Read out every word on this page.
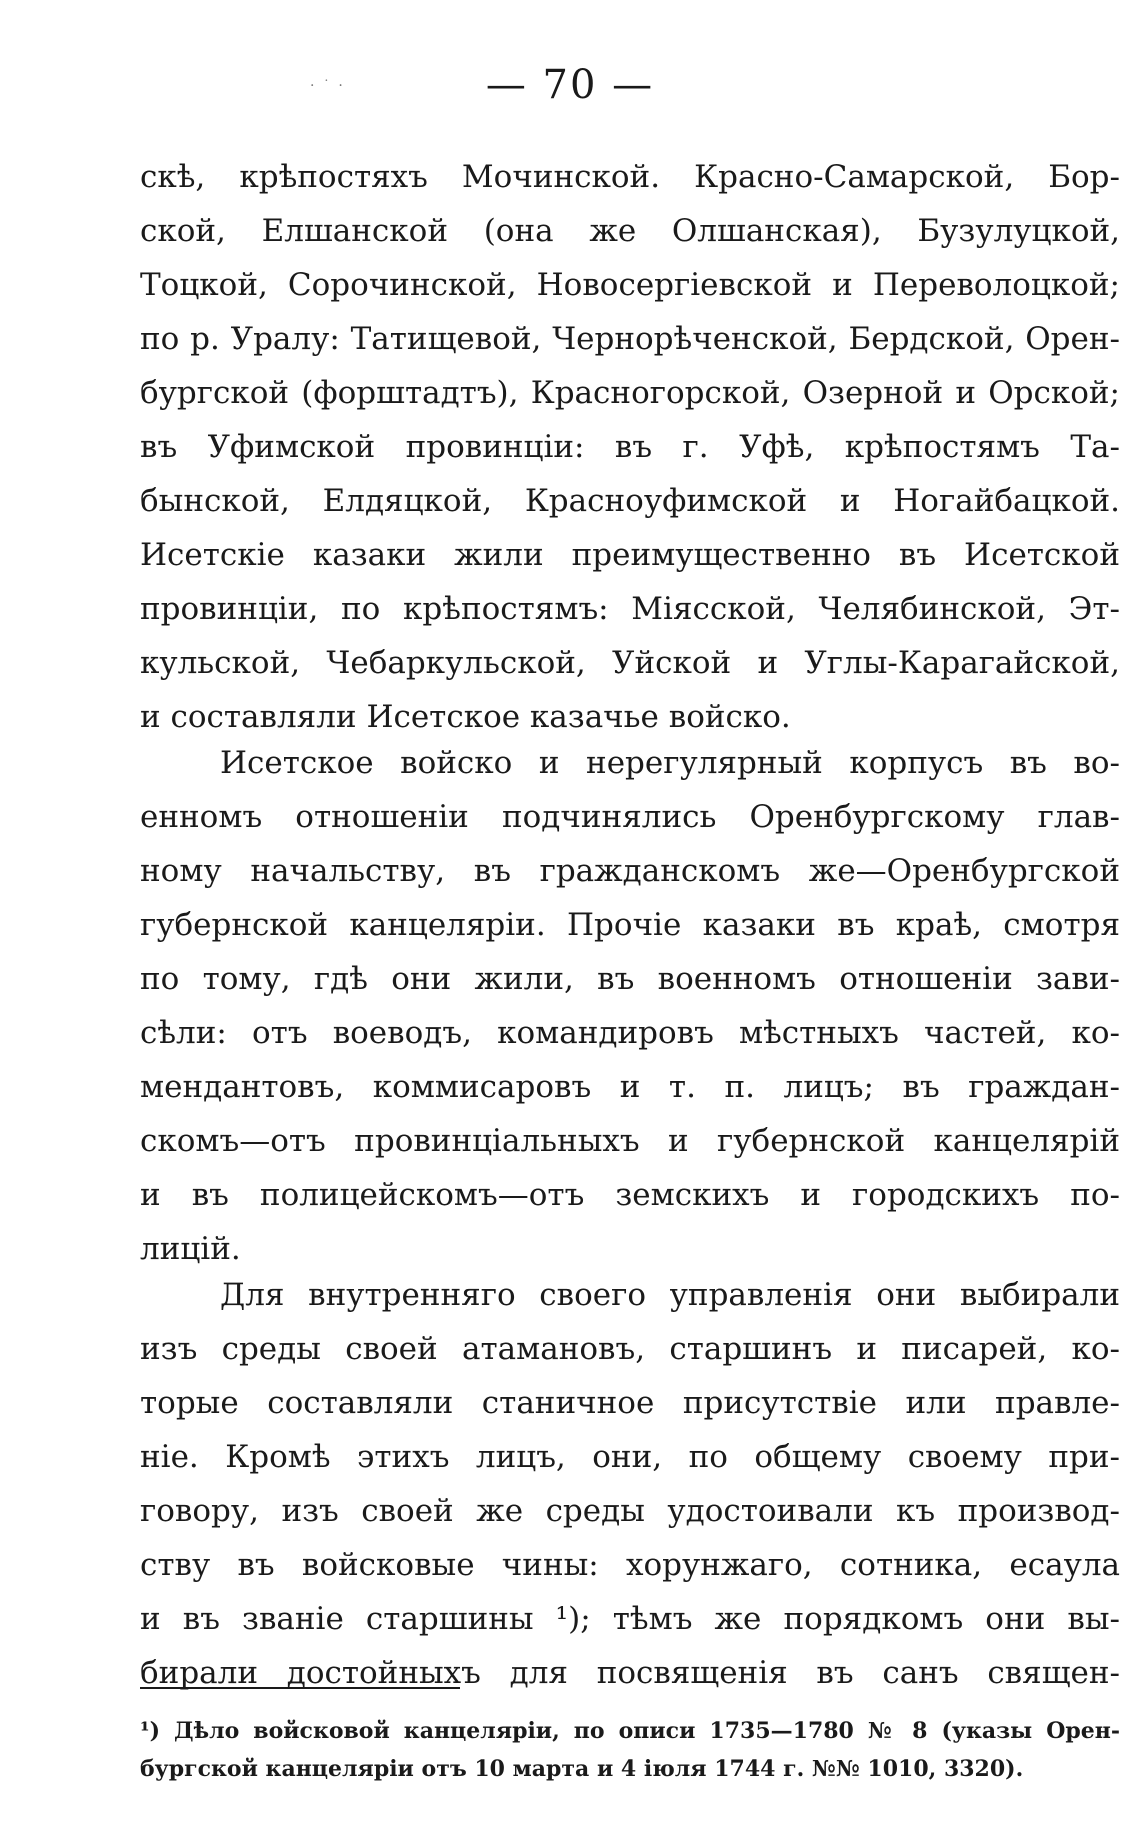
· ˙ ·	— 70 —
скѣ, крѣпостяхъ Мочинской. Красно-Самарской, Бор-
ской, Елшанской (она же Олшанская), Бузулуцкой,
Тоцкой, Сорочинской, Новосергіевской и Переволоцкой;
по р. Уралу: Татищевой, Чернорѣченской, Бердской, Орен-
бургской (форштадтъ), Красногорской, Озерной и Орской;
въ Уфимской провинціи: въ г. Уфѣ, крѣпостямъ Та-
бынской, Елдяцкой, Красноуфимской и Ногайбацкой.
Исетскіе казаки жили преимущественно въ Исетской
провинціи, по крѣпостямъ: Міясской, Челябинской, Эт-
кульской, Чебаркульской, Уйской и Углы-Карагайской,
и составляли Исетское казачье войско.
Исетское войско и нерегулярный корпусъ въ во-
енномъ отношеніи подчинялись Оренбургскому глав-
ному начальству, въ гражданскомъ же—Оренбургской
губернской канцеляріи. Прочіе казаки въ краѣ, смотря
по тому, гдѣ они жили, въ военномъ отношеніи зави-
сѣли: отъ воеводъ, командировъ мѣстныхъ частей, ко-
мендантовъ, коммисаровъ и т. п. лицъ; въ граждан-
скомъ—отъ провинціальныхъ и губернской канцелярій
и въ полицейскомъ—отъ земскихъ и городскихъ по-
лицій.
Для внутренняго своего управленія они выбирали
изъ среды своей атамановъ, старшинъ и писарей, ко-
торые составляли станичное присутствіе или правле-
ніе. Кромѣ этихъ лицъ, они, по общему своему при-
говору, изъ своей же среды удостоивали къ производ-
ству въ войсковые чины: хорунжаго, сотника, есаула
и въ званіе старшины ¹); тѣмъ же порядкомъ они вы-
бирали достойныхъ для посвященія въ санъ священ-
¹) Дѣло войсковой канцеляріи, по описи 1735—1780 № 8 (указы Орен-
бургской канцеляріи отъ 10 марта и 4 іюля 1744 г. №№ 1010, 3320).
